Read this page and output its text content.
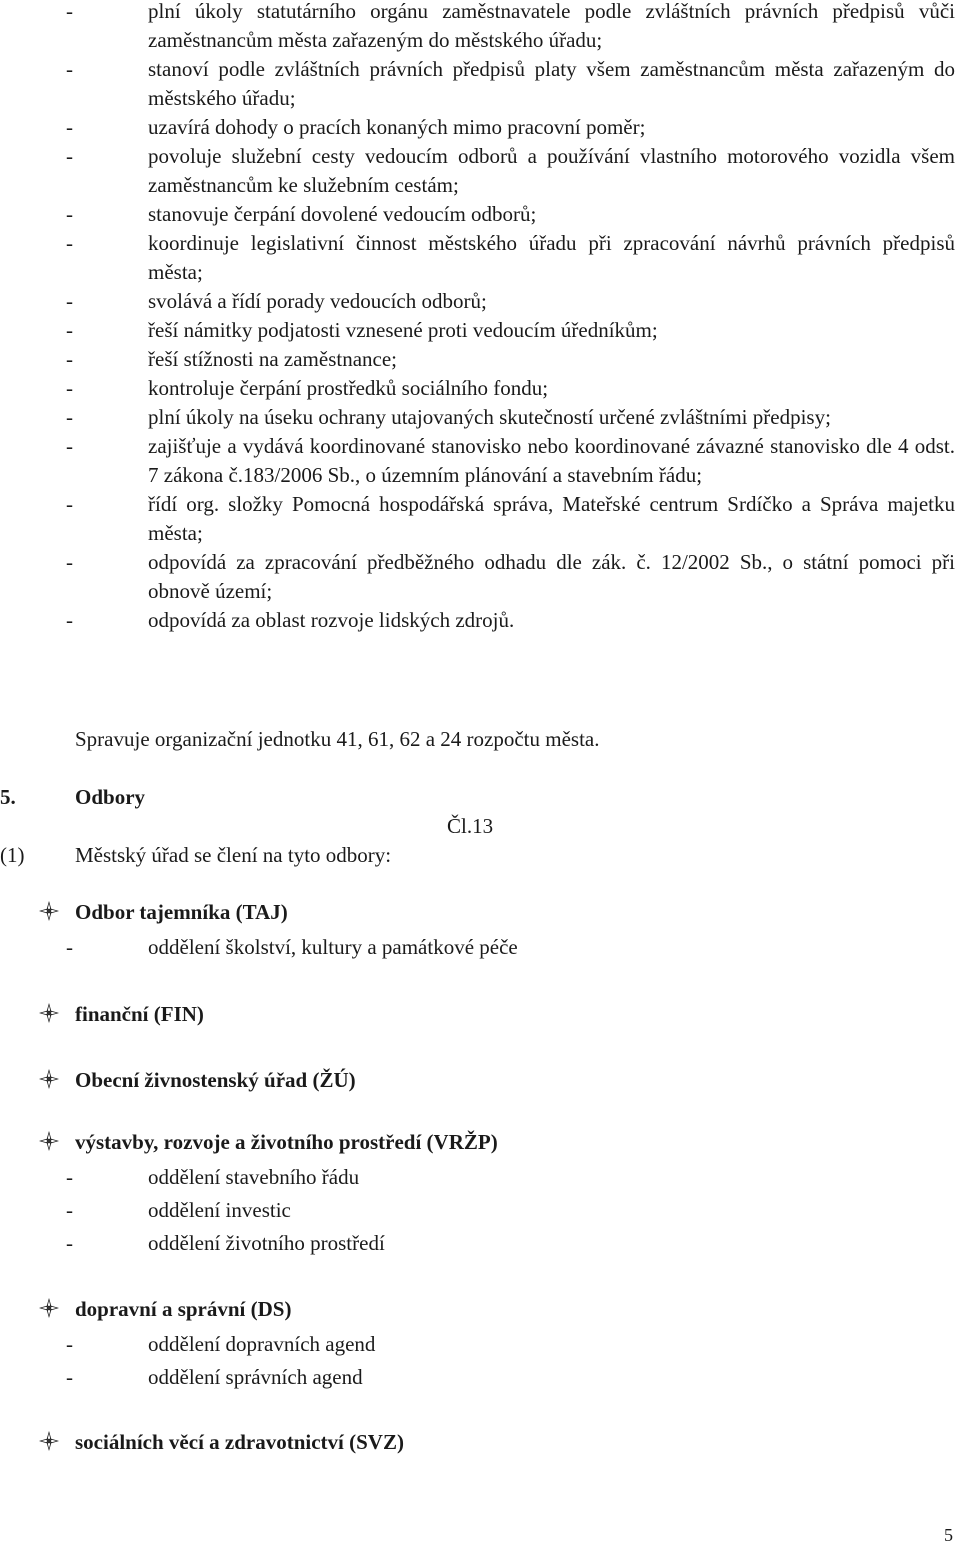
-	plní úkoly statutárního orgánu zaměstnavatele podle zvláštních právních předpisů vůči zaměstnancům města zařazeným do městského úřadu;
-	stanoví podle zvláštních právních předpisů platy všem zaměstnancům města zařazeným do městského úřadu;
-	uzavírá dohody o pracích konaných mimo pracovní poměr;
-	povoluje služební cesty vedoucím odborů a používání vlastního motorového vozidla všem zaměstnancům ke služebním cestám;
-	stanovuje čerpání dovolené vedoucím odborů;
-	koordinuje legislativní činnost městského úřadu při zpracování návrhů právních předpisů města;
-	svolává a řídí porady vedoucích odborů;
-	řeší námitky podjatosti vznesené proti vedoucím úředníkům;
-	řeší stížnosti na zaměstnance;
-	kontroluje čerpání prostředků sociálního fondu;
-	plní úkoly na úseku ochrany utajovaných skutečností určené zvláštními předpisy;
-	zajišťuje a vydává koordinované stanovisko nebo koordinované závazné stanovisko dle 4 odst. 7 zákona č.183/2006 Sb., o územním plánování a stavebním řádu;
-	řídí org. složky Pomocná hospodářská správa, Mateřské centrum Srdíčko a Správa majetku města;
-	odpovídá za zpracování předběžného odhadu dle zák. č. 12/2002 Sb., o státní pomoci při obnově území;
-	odpovídá za oblast rozvoje lidských zdrojů.
Spravuje organizační jednotku 41, 61, 62 a 24 rozpočtu města.
5.	Odbory
Čl.13
(1) Městský úřad se člení na tyto odbory:
Odbor tajemníka (TAJ)
-	oddělení školství, kultury a památkové péče
finanční (FIN)
Obecní živnostenský úřad (ŽÚ)
výstavby, rozvoje a životního prostředí (VRŽP)
-	oddělení stavebního řádu
-	oddělení investic
-	oddělení životního prostředí
dopravní a správní (DS)
-	oddělení dopravních agend
-	oddělení správních agend
sociálních věcí a zdravotnictví (SVZ)
5
